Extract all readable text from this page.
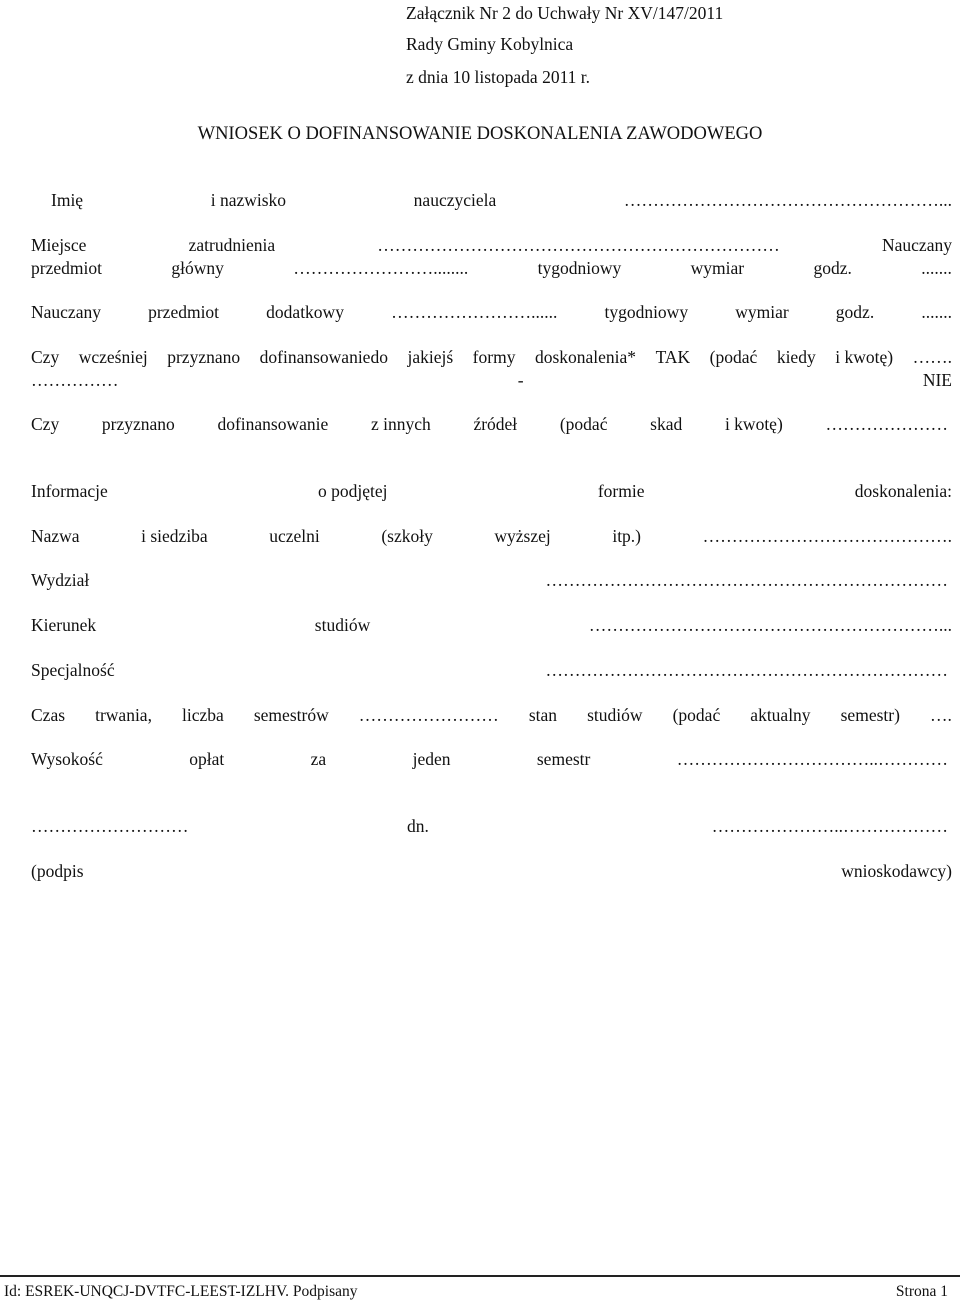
Załącznik Nr 2 do Uchwały Nr XV/147/2011
Rady Gminy Kobylnica
z dnia 10 listopada 2011 r.
WNIOSEK O DOFINANSOWANIE DOSKONALENIA ZAWODOWEGO
Imię	i nazwisko	nauczyciela	………………………………………………...
Miejsce	zatrudnienia	……………………………………………………………	Nauczany
przedmiot	główny	……………………........	tygodniowy	wymiar	godz.	.......
Nauczany	przedmiot	dodatkowy	……………………......	tygodniowy	wymiar	godz.	.......
Czy wcześniej przyznano dofinansowaniedo jakiejś formy doskonalenia* TAK (podać kiedy i kwotę) …….
……………	-	NIE
Czy przyznano dofinansowanie z innych źródeł (podać skad i kwotę) …………………
Informacje	o podjętej	formie	doskonalenia:
Nazwa	i siedziba	uczelni	(szkoły	wyższej	itp.)	…………………………………….
Wydział	……………………………………………………………
Kierunek	studiów	……………………………………………………...
Specjalność	……………………………………………………………
Czas trwania, liczba semestrów …………………… stan studiów (podać aktualny semestr) ….
Wysokość	opłat	za	jeden	semestr	……………………………..…………
………………………	dn.	…………………..………………
(podpis	wnioskodawcy)
Id: ESREK-UNQCJ-DVTFC-LEEST-IZLHV. Podpisany	Strona 1
